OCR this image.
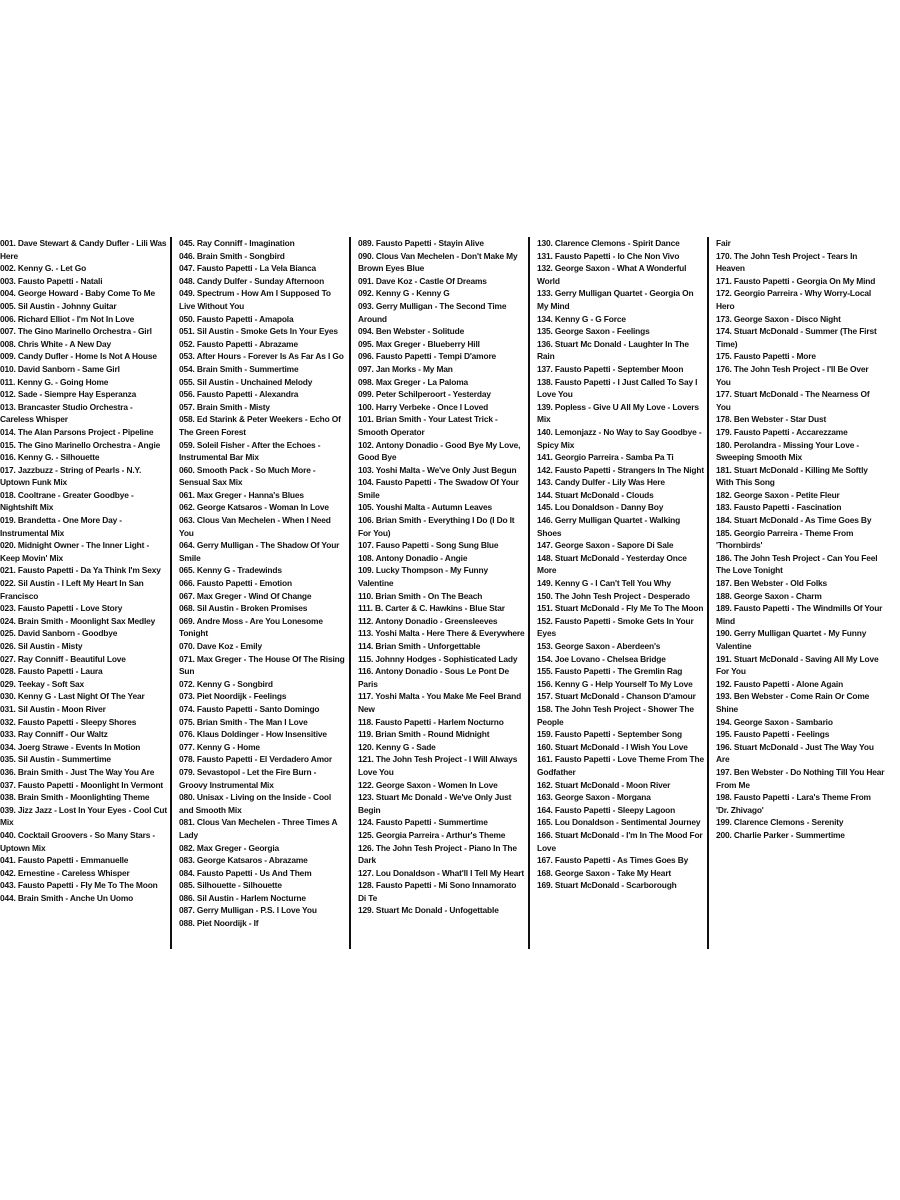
001. Dave Stewart & Candy Dufler - Lili Was Here
002. Kenny G. - Let Go
003. Fausto Papetti - Natali
004. George Howard - Baby Come To Me
005. Sil Austin - Johnny Guitar
006. Richard Elliot - I'm Not In Love
007. The Gino Marinello Orchestra - Girl
008. Chris White - A New Day
009. Candy Dufler - Home Is Not A House
010. David Sanborn - Same Girl
011. Kenny G. - Going Home
012. Sade - Siempre Hay Esperanza
013. Brancaster Studio Orchestra - Careless Whisper
014. The Alan Parsons Project - Pipeline
015. The Gino Marinello Orchestra - Angie
016. Kenny G. - Silhouette
017. Jazzbuzz - String of Pearls - N.Y. Uptown Funk Mix
018. Cooltrane - Greater Goodbye - Nightshift Mix
019. Brandetta - One More Day - Instrumental Mix
020. Midnight Owner - The Inner Light - Keep Movin' Mix
021. Fausto Papetti - Da Ya Think I'm Sexy
022. Sil Austin - I Left My Heart In San Francisco
023. Fausto Papetti - Love Story
024. Brain Smith - Moonlight Sax Medley
025. David Sanborn - Goodbye
026. Sil Austin - Misty
027. Ray Conniff - Beautiful Love
028. Fausto Papetti - Laura
029. Teekay - Soft Sax
030. Kenny G - Last Night Of The Year
031. Sil Austin - Moon River
032. Fausto Papetti - Sleepy Shores
033. Ray Conniff - Our Waltz
034. Joerg Strawe - Events In Motion
035. Sil Austin - Summertime
036. Brain Smith - Just The Way You Are
037. Fausto Papetti - Moonlight In Vermont
038. Brain Smith - Moonlighting Theme
039. Jizz Jazz - Lost In Your Eyes - Cool Cut Mix
040. Cocktail Groovers - So Many Stars - Uptown Mix
041. Fausto Papetti - Emmanuelle
042. Ernestine - Careless Whisper
043. Fausto Papetti - Fly Me To The Moon
044. Brain Smith - Anche Un Uomo
045. Ray Conniff - Imagination
046. Brain Smith - Songbird
047. Fausto Papetti - La Vela Bianca
048. Candy Dulfer - Sunday Afternoon
049. Spectrum - How Am I Supposed To Live Without You
050. Fausto Papetti - Amapola
051. Sil Austin - Smoke Gets In Your Eyes
052. Fausto Papetti - Abrazame
053. After Hours - Forever Is As Far As I Go
054. Brain Smith - Summertime
055. Sil Austin - Unchained Melody
056. Fausto Papetti - Alexandra
057. Brain Smith - Misty
058. Ed Starink & Peter Weekers - Echo Of The Green Forest
059. Soleil Fisher - After the Echoes - Instrumental Bar Mix
060. Smooth Pack - So Much More - Sensual Sax Mix
061. Max Greger - Hanna's Blues
062. George Katsaros - Woman In Love
063. Clous Van Mechelen - When I Need You
064. Gerry Mulligan - The Shadow Of Your Smile
065. Kenny G - Tradewinds
066. Fausto Papetti - Emotion
067. Max Greger - Wind Of Change
068. Sil Austin - Broken Promises
069. Andre Moss - Are You Lonesome Tonight
070. Dave Koz - Emily
071. Max Greger - The House Of The Rising Sun
072. Kenny G - Songbird
073. Piet Noordijk - Feelings
074. Fausto Papetti - Santo Domingo
075. Brian Smith - The Man I Love
076. Klaus Doldinger - How Insensitive
077. Kenny G - Home
078. Fausto Papetti - El Verdadero Amor
079. Sevastopol - Let the Fire Burn - Groovy Instrumental Mix
080. Unisax - Living on the Inside - Cool and Smooth Mix
081. Clous Van Mechelen - Three Times A Lady
082. Max Greger - Georgia
083. George Katsaros - Abrazame
084. Fausto Papetti - Us And Them
085. Silhouette - Silhouette
086. Sil Austin - Harlem Nocturne
087. Gerry Mulligan - P.S. I Love You
088. Piet Noordijk - If
089. Fausto Papetti - Stayin Alive
090. Clous Van Mechelen - Don't Make My Brown Eyes Blue
091. Dave Koz - Castle Of Dreams
092. Kenny G - Kenny G
093. Gerry Mulligan - The Second Time Around
094. Ben Webster - Solitude
095. Max Greger - Blueberry Hill
096. Fausto Papetti - Tempi D'amore
097. Jan Morks - My Man
098. Max Greger - La Paloma
099. Peter Schilperoort - Yesterday
100. Harry Verbeke - Once I Loved
101. Brian Smith - Your Latest Trick - Smooth Operator
102. Antony Donadio - Good Bye My Love, Good Bye
103. Yoshi Malta - We've Only Just Begun
104. Fausto Papetti - The Swadow Of Your Smile
105. Youshi Malta - Autumn Leaves
106. Brian Smith - Everything I Do (I Do It For You)
107. Fauso Papetti - Song Sung Blue
108. Antony Donadio - Angie
109. Lucky Thompson - My Funny Valentine
110. Brian Smith - On The Beach
111. B. Carter & C. Hawkins - Blue Star
112. Antony Donadio - Greensleeves
113. Yoshi Malta - Here There & Everywhere
114. Brian Smith - Unforgettable
115. Johnny Hodges - Sophisticated Lady
116. Antony Donadio - Sous Le Pont De Paris
117. Yoshi Malta - You Make Me Feel Brand New
118. Fausto Papetti - Harlem Nocturno
119. Brian Smith - Round Midnight
120. Kenny G - Sade
121. The John Tesh Project - I Will Always Love You
122. George Saxon - Women In Love
123. Stuart Mc Donald - We've Only Just Begin
124. Fausto Papetti - Summertime
125. Georgia Parreira - Arthur's Theme
126. The John Tesh Project - Piano In The Dark
127. Lou Donaldson - What'll I Tell My Heart
128. Fausto Papetti - Mi Sono Innamorato Di Te
129. Stuart Mc Donald - Unfogettable
130. Clarence Clemons - Spirit Dance
131. Fausto Papetti - Io Che Non Vivo
132. George Saxon - What A Wonderful World
133. Gerry Mulligan Quartet - Georgia On My Mind
134. Kenny G - G Force
135. George Saxon - Feelings
136. Stuart Mc Donald - Laughter In The Rain
137. Fausto Papetti - September Moon
138. Fausto Papetti - I Just Called To Say I Love You
139. Popless - Give U All My Love - Lovers Mix
140. Lemonjazz - No Way to Say Goodbye - Spicy Mix
141. Georgio Parreira - Samba Pa Ti
142. Fausto Papetti - Strangers In The Night
143. Candy Dulfer - Lily Was Here
144. Stuart McDonald - Clouds
145. Lou Donaldson - Danny Boy
146. Gerry Mulligan Quartet - Walking Shoes
147. George Saxon - Sapore Di Sale
148. Stuart McDonald - Yesterday Once More
149. Kenny G - I Can't Tell You Why
150. The John Tesh Project - Desperado
151. Stuart McDonald - Fly Me To The Moon
152. Fausto Papetti - Smoke Gets In Your Eyes
153. George Saxon - Aberdeen's
154. Joe Lovano - Chelsea Bridge
155. Fausto Papetti - The Gremlin Rag
156. Kenny G - Help Yourself To My Love
157. Stuart McDonald - Chanson D'amour
158. The John Tesh Project - Shower The People
159. Fausto Papetti - September Song
160. Stuart McDonald - I Wish You Love
161. Fausto Papetti - Love Theme From The Godfather
162. Stuart McDonald - Moon River
163. George Saxon - Morgana
164. Fausto Papetti - Sleepy Lagoon
165. Lou Donaldson - Sentimental Journey
166. Stuart McDonald - I'm In The Mood For Love
167. Fausto Papetti - As Times Goes By
168. George Saxon - Take My Heart
169. Stuart McDonald - Scarborough
Fair
170. The John Tesh Project - Tears In Heaven
171. Fausto Papetti - Georgia On My Mind
172. Georgio Parreira - Why Worry-Local Hero
173. George Saxon - Disco Night
174. Stuart McDonald - Summer (The First Time)
175. Fausto Papetti - More
176. The John Tesh Project - I'll Be Over You
177. Stuart McDonald - The Nearness Of You
178. Ben Webster - Star Dust
179. Fausto Papetti - Accarezzame
180. Perolandra - Missing Your Love - Sweeping Smooth Mix
181. Stuart McDonald - Killing Me Softly With This Song
182. George Saxon - Petite Fleur
183. Fausto Papetti - Fascination
184. Stuart McDonald - As Time Goes By
185. Georgio Parreira - Theme From 'Thornbirds'
186. The John Tesh Project - Can You Feel The Love Tonight
187. Ben Webster - Old Folks
188. George Saxon - Charm
189. Fausto Papetti - The Windmills Of Your Mind
190. Gerry Mulligan Quartet - My Funny Valentine
191. Stuart McDonald - Saving All My Love For You
192. Fausto Papetti - Alone Again
193. Ben Webster - Come Rain Or Come Shine
194. George Saxon - Sambario
195. Fausto Papetti - Feelings
196. Stuart McDonald - Just The Way You Are
197. Ben Webster - Do Nothing Till You Hear From Me
198. Fausto Papetti - Lara's Theme From 'Dr. Zhivago'
199. Clarence Clemons - Serenity
200. Charlie Parker - Summertime
